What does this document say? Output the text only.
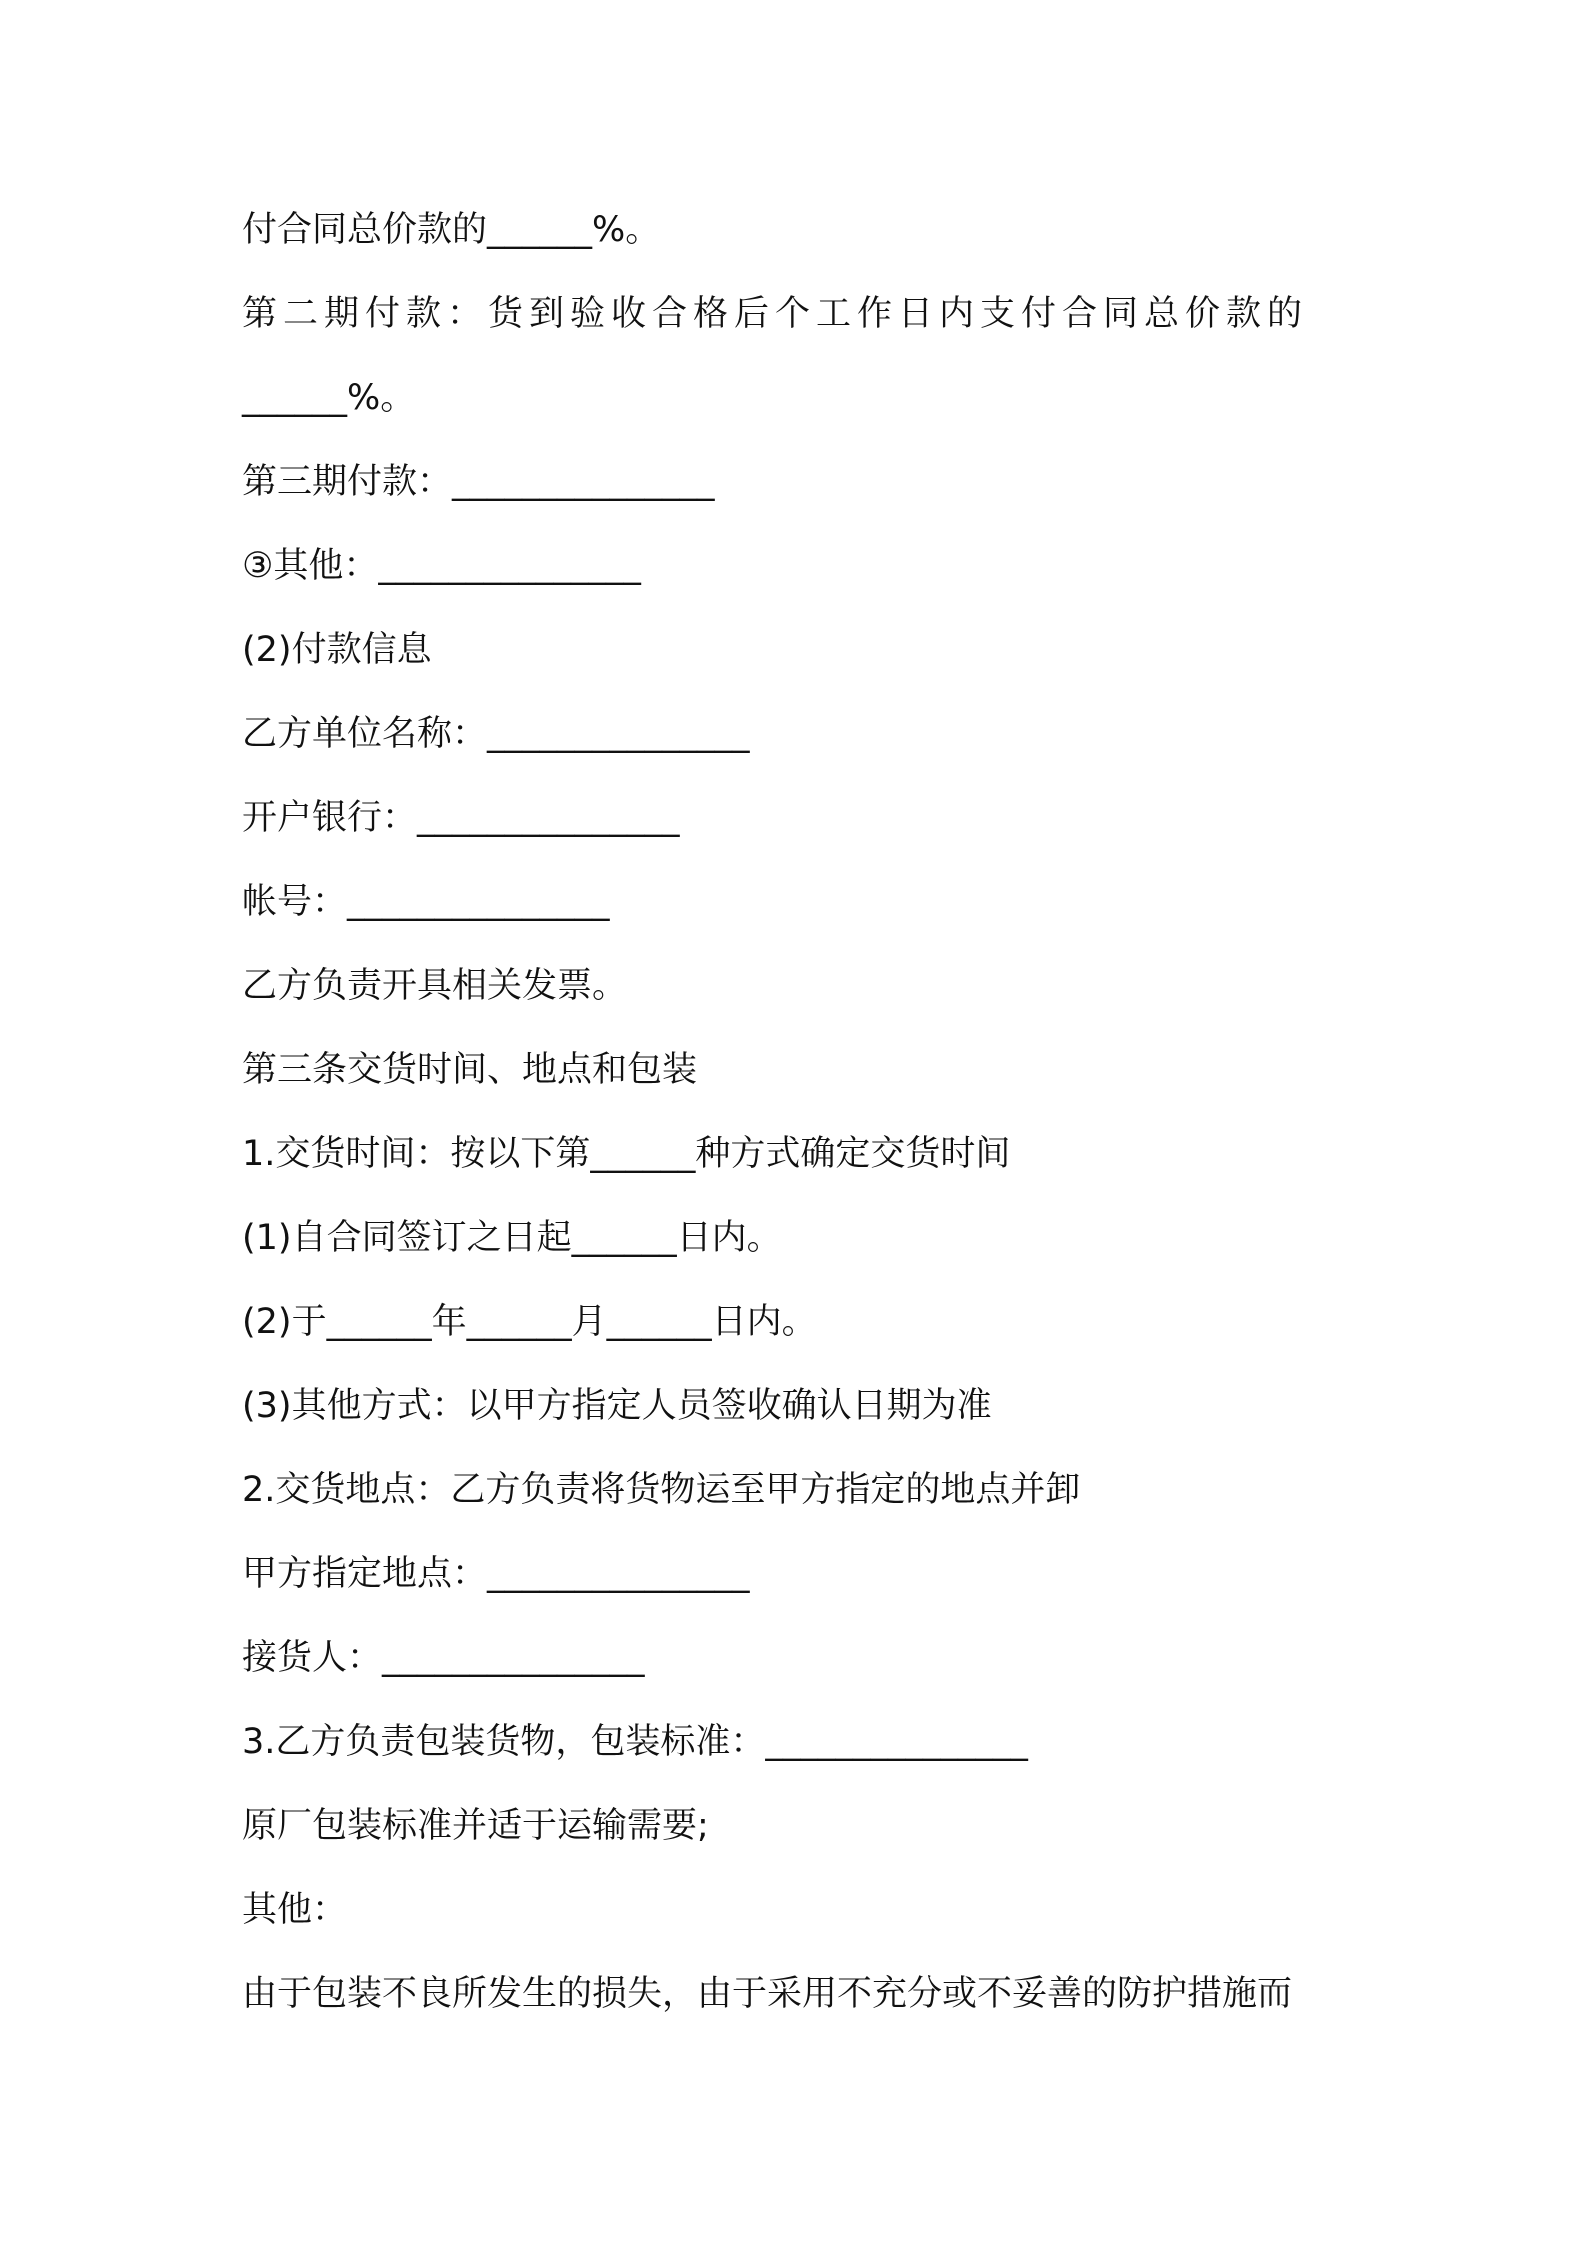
付合同总价款的______%。
第二期付款：货到验收合格后个工作日内支付合同总价款的
______%。
第三期付款：_______________
③其他：_______________
(2)付款信息
乙方单位名称：_______________
开户银行：_______________
帐号：_______________
乙方负责开具相关发票。
第三条交货时间、地点和包装
1.交货时间：按以下第______种方式确定交货时间
(1)自合同签订之日起______日内。
(2)于______年______月______日内。
(3)其他方式：以甲方指定人员签收确认日期为准
2.交货地点：乙方负责将货物运至甲方指定的地点并卸
甲方指定地点：_______________
接货人：_______________
3.乙方负责包装货物，包装标准：_______________
原厂包装标准并适于运输需要;
其他：
由于包装不良所发生的损失，由于采用不充分或不妥善的防护措施而
